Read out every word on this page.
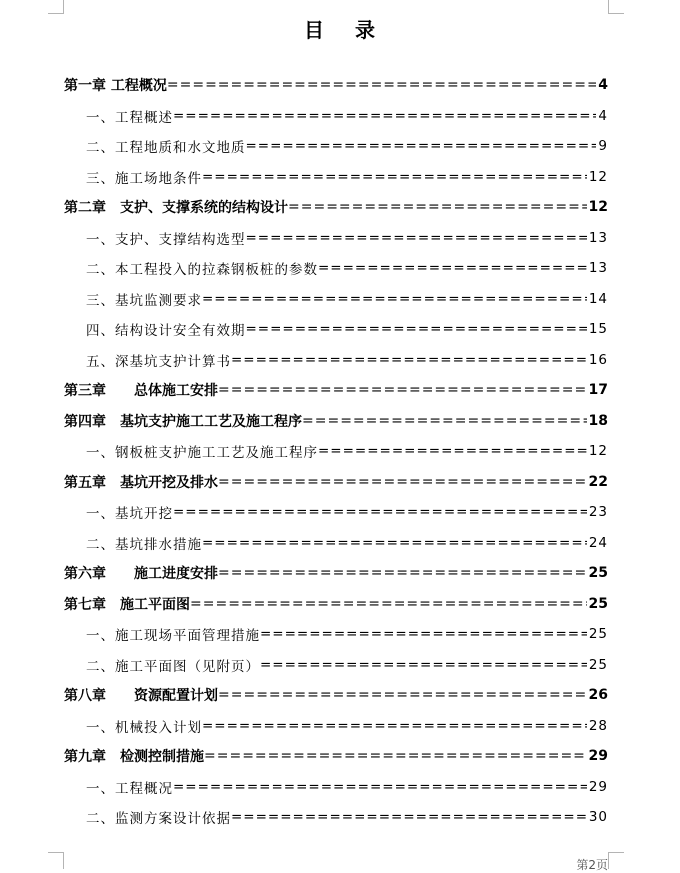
目 录
第一章 工程概况 =====	4
一、工程概述 =====	4
二、工程地质和水文地质 =====	9
三、施工场地条件 =====	12
第二章　支护、支撑系统的结构设计 =====	12
一、支护、支撑结构选型 =====	13
二、本工程投入的拉森钢板桩的参数 =====	13
三、基坑监测要求 =====	14
四、结构设计安全有效期 =====	15
五、深基坑支护计算书 =====	16
第三章　　总体施工安排 =====	17
第四章　基坑支护施工工艺及施工程序 =====	18
一、钢板桩支护施工工艺及施工程序 =====	12
第五章　基坑开挖及排水 =====	22
一、基坑开挖 =====	23
二、基坑排水措施 =====	24
第六章　　施工进度安排 =====	25
第七章　施工平面图 =====	25
一、施工现场平面管理措施 =====	25
二、施工平面图（见附页） =====	25
第八章　　资源配置计划 =====	26
一、机械投入计划 =====	28
第九章　检测控制措施 =====	29
一、工程概况 =====	29
二、监测方案设计依据 =====	30
第2页
